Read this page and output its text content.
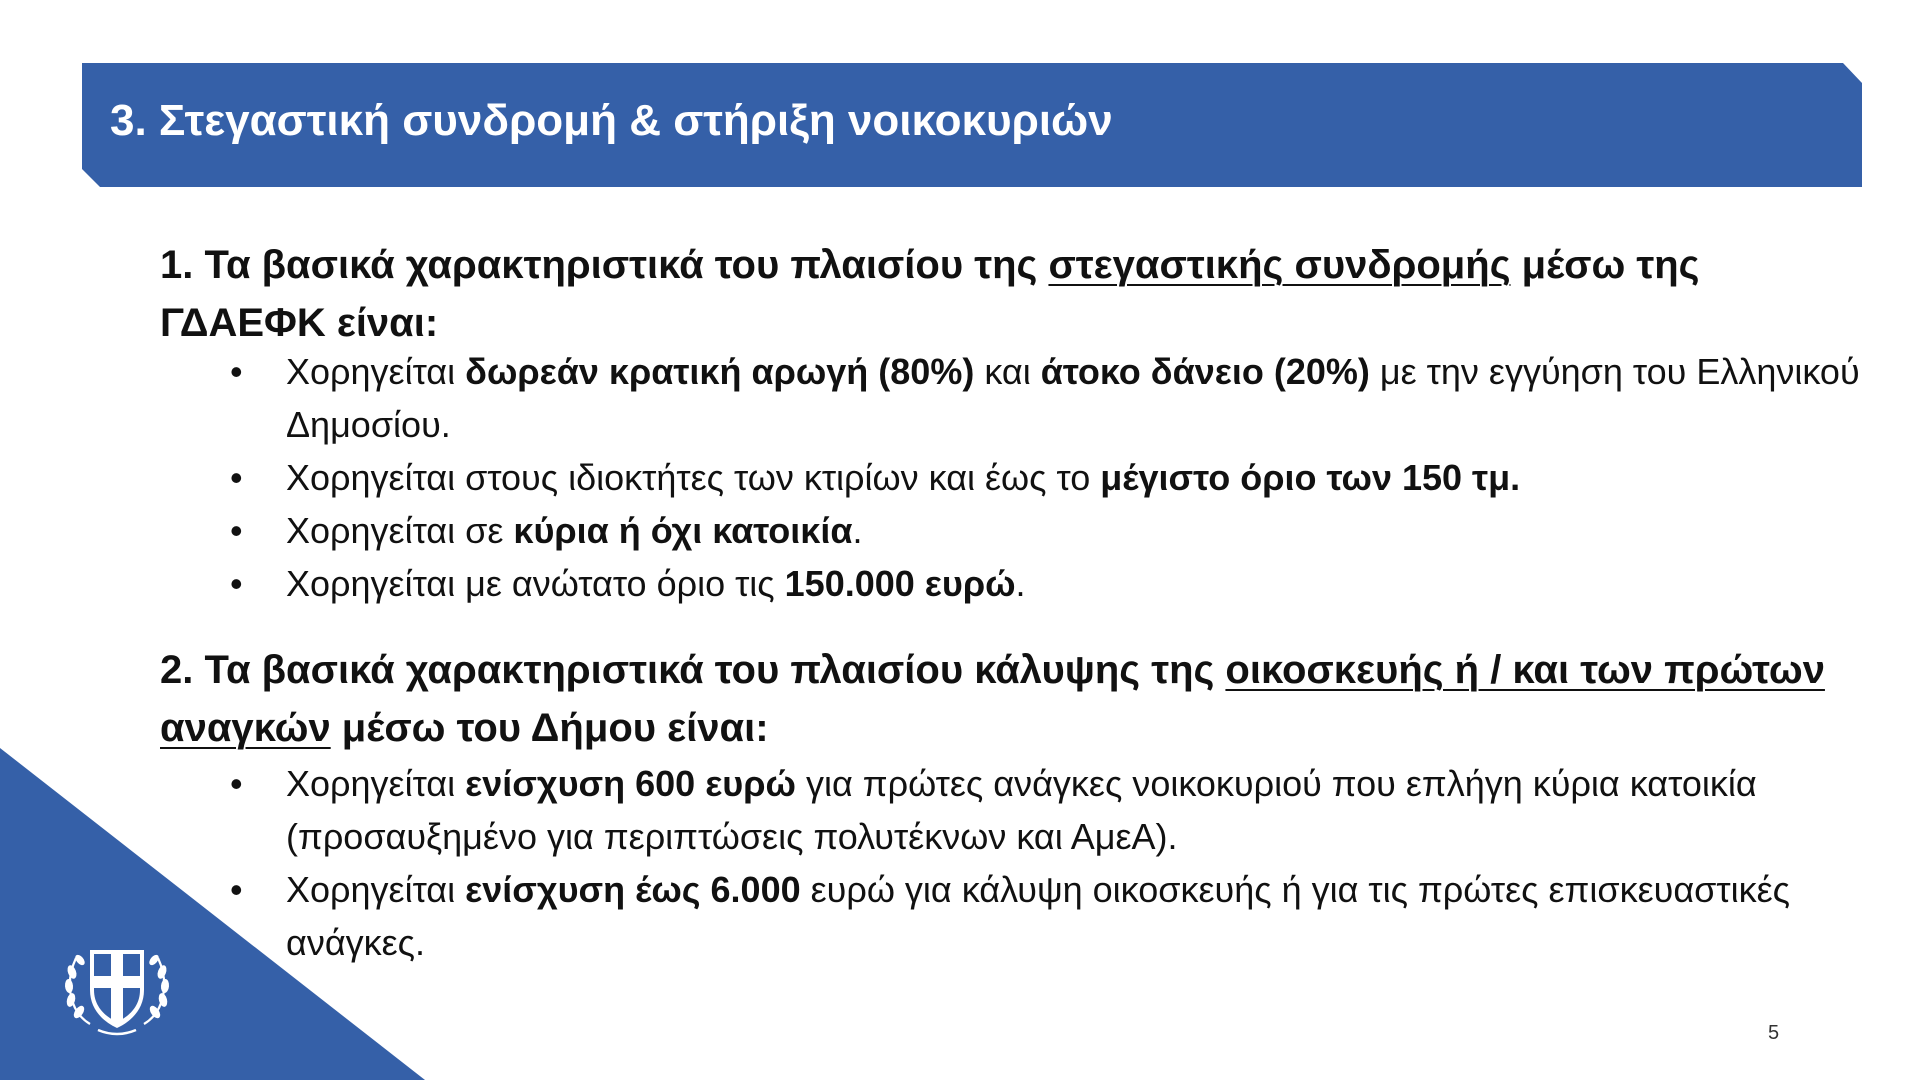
3. Στεγαστική συνδρομή & στήριξη νοικοκυριών
1. Τα βασικά χαρακτηριστικά του πλαισίου της στεγαστικής συνδρομής μέσω της ΓΔΑΕΦΚ είναι:
•	Χορηγείται δωρεάν κρατική αρωγή (80%) και άτοκο δάνειο (20%) με την εγγύηση του Ελληνικού Δημοσίου.
•	Χορηγείται στους ιδιοκτήτες των κτιρίων και έως το μέγιστο όριο των 150 τμ.
•	Χορηγείται σε κύρια ή όχι κατοικία.
•	Χορηγείται με ανώτατο όριο τις 150.000 ευρώ.
2. Τα βασικά χαρακτηριστικά του πλαισίου κάλυψης της οικοσκευής ή / και των πρώτων αναγκών μέσω του Δήμου είναι:
•	Χορηγείται ενίσχυση 600 ευρώ για πρώτες ανάγκες νοικοκυριού που επλήγη κύρια κατοικία (προσαυξημένο για περιπτώσεις πολυτέκνων και ΑμεΑ).
•	Χορηγείται ενίσχυση έως 6.000 ευρώ για κάλυψη οικοσκευής ή για τις πρώτες επισκευαστικές ανάγκες.
5
